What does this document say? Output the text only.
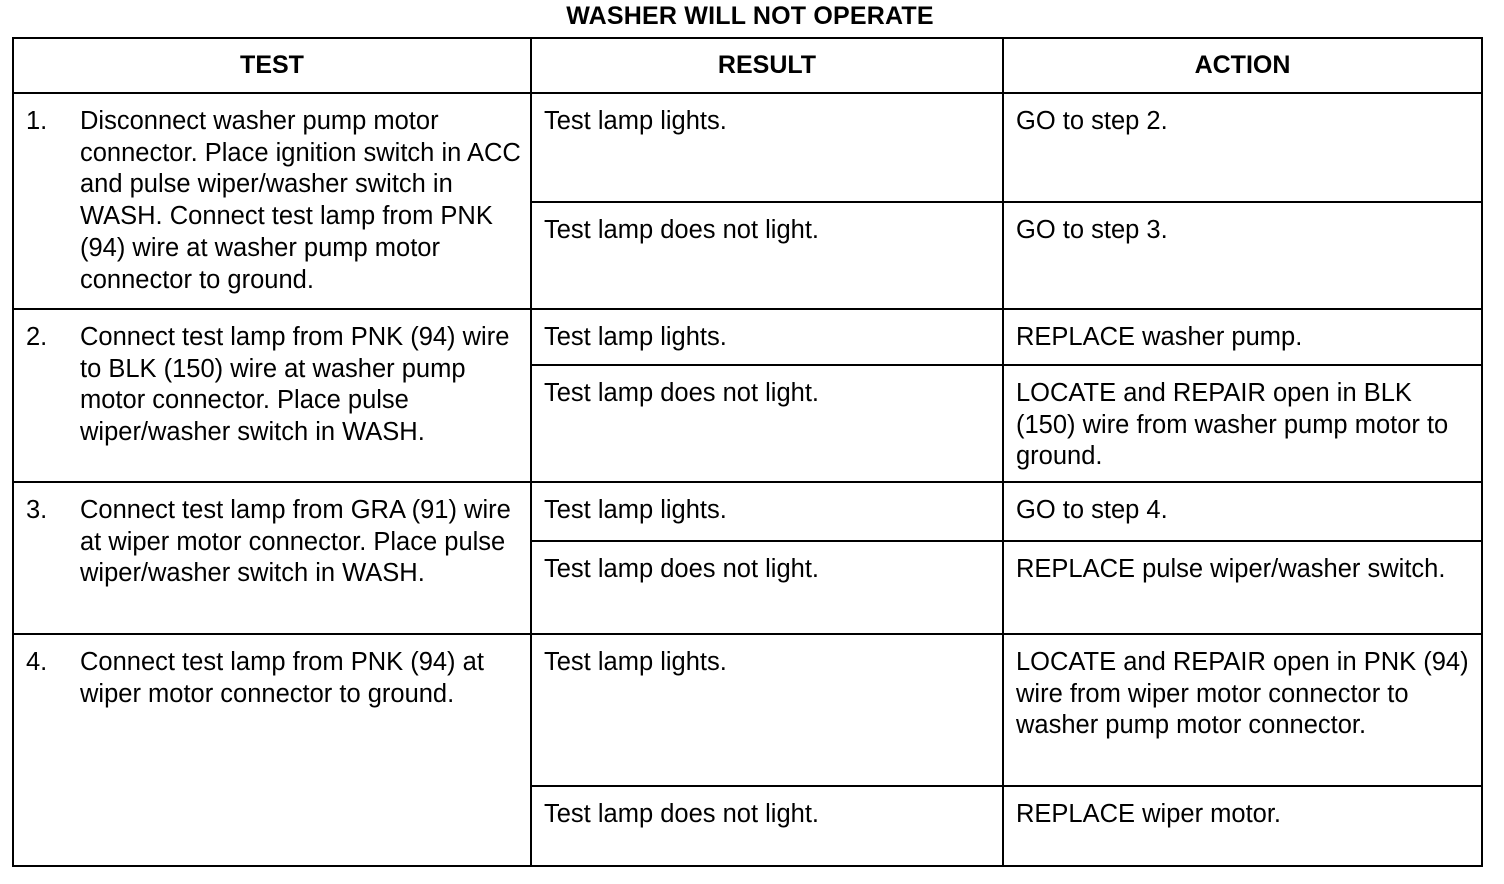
WASHER WILL NOT OPERATE
TEST	RESULT	ACTION

1. Disconnect washer pump motor connector. Place ignition switch in ACC and pulse wiper/washer switch in WASH. Connect test lamp from PNK (94) wire at washer pump motor connector to ground.	Test lamp lights.	GO to step 2.
	Test lamp does not light.	GO to step 3.

2. Connect test lamp from PNK (94) wire to BLK (150) wire at washer pump motor connector. Place pulse wiper/washer switch in WASH.	Test lamp lights.	REPLACE washer pump.
	Test lamp does not light.	LOCATE and REPAIR open in BLK (150) wire from washer pump motor to ground.

3. Connect test lamp from GRA (91) wire at wiper motor connector. Place pulse wiper/washer switch in WASH.	Test lamp lights.	GO to step 4.
	Test lamp does not light.	REPLACE pulse wiper/washer switch.

4. Connect test lamp from PNK (94) at wiper motor connector to ground.	Test lamp lights.	LOCATE and REPAIR open in PNK (94) wire from wiper motor connector to washer pump motor connector.
	Test lamp does not light.	REPLACE wiper motor.
